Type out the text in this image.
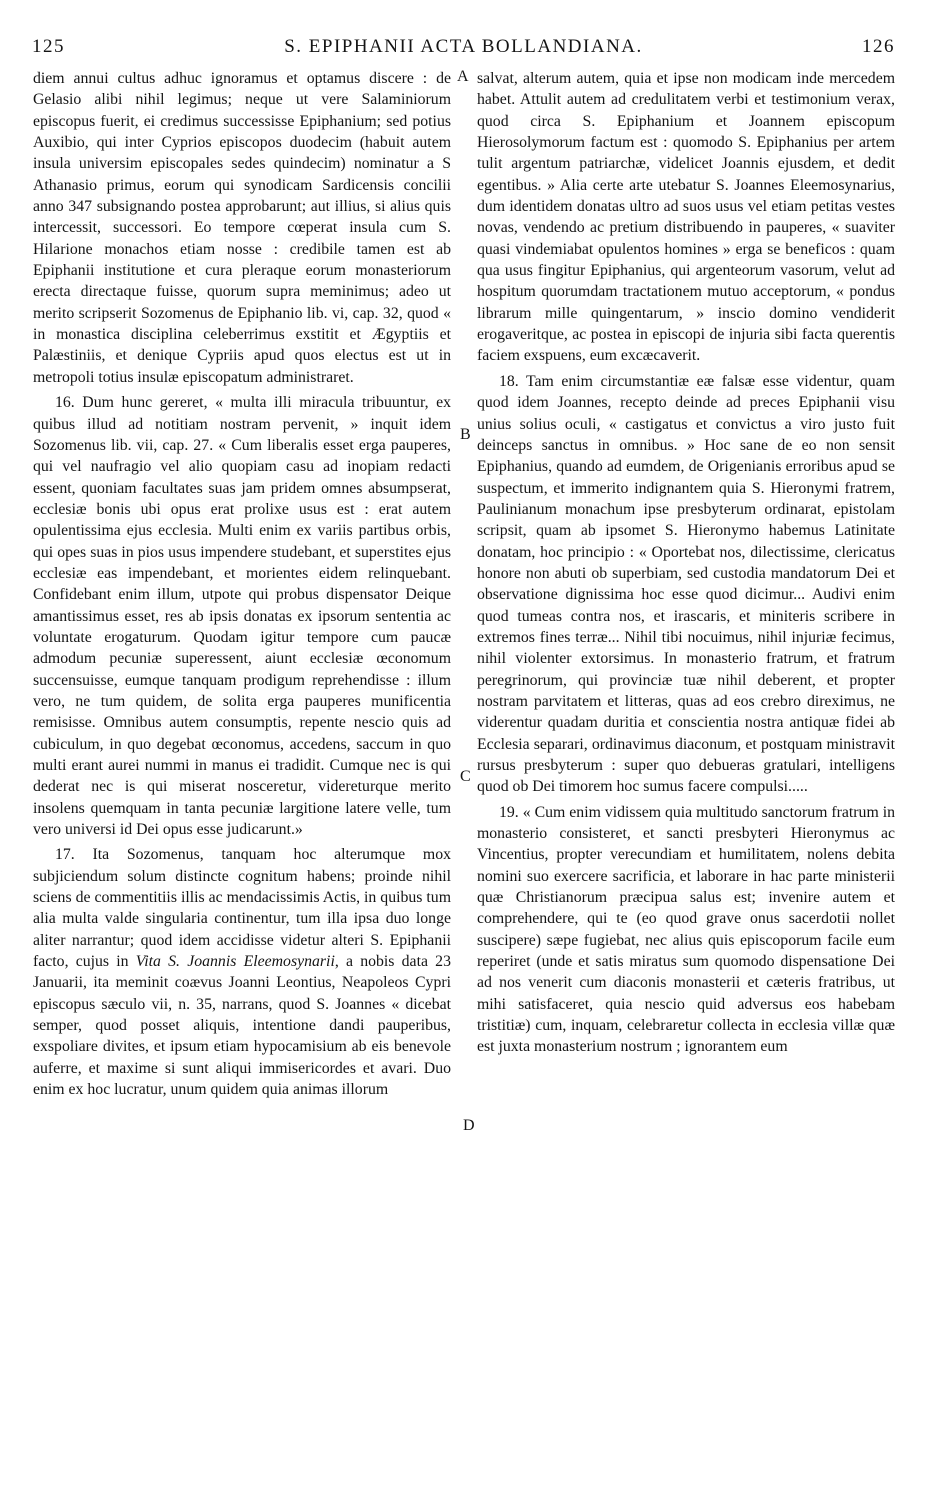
125	S. EPIPHANII ACTA BOLLANDIANA.	126

diem annui cultus adhuc ignoramus et optamus discere : de Gelasio alibi nihil legimus; neque ut vere Salaminiorum episcopus fuerit, ei credimus successisse Epiphanium; sed potius Auxibio, qui inter Cyprios episcopos duodecim (habuit autem insula universim episcopales sedes quindecim) nominatur a S Athanasio primus, eorum qui synodicam Sardicensis concilii anno 347 subsignando postea approbarunt; aut illius, si alius quis intercessit, successori. Eo tempore cœperat insula cum S. Hilarione monachos etiam nosse : credibile tamen est ab Epiphanii institutione et cura pleraque eorum monasteriorum erecta directaque fuisse, quorum supra meminimus; adeo ut merito scripserit Sozomenus de Epiphanio lib. vi, cap. 32, quod « in monastica disciplina celeberrimus exstitit et Ægyptiis et Palæstiniis, et denique Cypriis apud quos electus est ut in metropoli totius insulæ episcopatum administraret.

16. Dum hunc gereret, « multa illi miracula tribuuntur, ex quibus illud ad notitiam nostram pervenit, » inquit idem Sozomenus lib. vii, cap. 27. « Cum liberalis esset erga pauperes, qui vel naufragio vel alio quopiam casu ad inopiam redacti essent, quoniam facultates suas jam pridem omnes absumpserat, ecclesiæ bonis ubi opus erat prolixe usus est : erat autem opulentissima ejus ecclesia. Multi enim ex variis partibus orbis, qui opes suas in pios usus impendere studebant, et superstites ejus ecclesiæ eas impendebant, et morientes eidem relinquebant. Confidebant enim illum, utpote qui probus dispensator Deique amantissimus esset, res ab ipsis donatas ex ipsorum sententia ac voluntate erogaturum. Quodam igitur tempore cum paucæ admodum pecuniæ superessent, aiunt ecclesiæ œconomum succensuisse, eumque tanquam prodigum reprehendisse : illum vero, ne tum quidem, de solita erga pauperes munificentia remisisse. Omnibus autem consumptis, repente nescio quis ad cubiculum, in quo degebat œconomus, accedens, saccum in quo multi erant aurei nummi in manus ei tradidit. Cumque nec is qui dederat nec is qui miserat nosceretur, videreturque merito insolens quemquam in tanta pecuniæ largitione latere velle, tum vero universi id Dei opus esse judicarunt.»

17. Ita Sozomenus, tanquam hoc alterumque mox subjiciendum solum distincte cognitum habens; proinde nihil sciens de commentitiis illis ac mendacissimis Actis, in quibus tum alia multa valde singularia continentur, tum illa ipsa duo longe aliter narrantur; quod idem accidisse videtur alteri S. Epiphanii facto, cujus in Vita S. Joannis Eleemosynarii, a nobis data 23 Januarii, ita meminit coævus Joanni Leontius, Neapoleos Cypri episcopus sæculo vii, n. 35, narrans, quod S. Joannes « dicebat semper, quod posset aliquis, intentione dandi pauperibus, exspoliare divites, et ipsum etiam hypocamisium ab eis benevole auferre, et maxime si sunt aliqui immisericordes et avari. Duo enim ex hoc lucratur, unum quidem quia animas illorum

A
B
C
D

salvat, alterum autem, quia et ipse non modicam inde mercedem habet. Attulit autem ad credulitatem verbi et testimonium verax, quod circa S. Epiphanium et Joannem episcopum Hierosolymorum factum est : quomodo S. Epiphanius per artem tulit argentum patriarchæ, videlicet Joannis ejusdem, et dedit egentibus. » Alia certe arte utebatur S. Joannes Eleemosynarius, dum identidem donatas ultro ad suos usus vel etiam petitas vestes novas, vendendo ac pretium distribuendo in pauperes, « suaviter quasi vindemiabat opulentos homines » erga se beneficos : quam qua usus fingitur Epiphanius, qui argenteorum vasorum, velut ad hospitum quorumdam tractationem mutuo acceptorum, « pondus librarum mille quingentarum, » inscio domino vendiderit erogaveritque, ac postea in episcopi de injuria sibi facta querentis faciem exspuens, eum excæcaverit.

18. Tam enim circumstantiæ eæ falsæ esse videntur, quam quod idem Joannes, recepto deinde ad preces Epiphanii visu unius solius oculi, « castigatus et convictus a viro justo fuit deinceps sanctus in omnibus. » Hoc sane de eo non sensit Epiphanius, quando ad eumdem, de Origenianis erroribus apud se suspectum, et immerito indignantem quia S. Hieronymi fratrem, Paulinianum monachum ipse presbyterum ordinarat, epistolam scripsit, quam ab ipsomet S. Hieronymo habemus Latinitate donatam, hoc principio : « Oportebat nos, dilectissime, clericatus honore non abuti ob superbiam, sed custodia mandatorum Dei et observatione dignissima hoc esse quod dicimur... Audivi enim quod tumeas contra nos, et irascaris, et miniteris scribere in extremos fines terræ... Nihil tibi nocuimus, nihil injuriæ fecimus, nihil violenter extorsimus. In monasterio fratrum, et fratrum peregrinorum, qui provinciæ tuæ nihil deberent, et propter nostram parvitatem et litteras, quas ad eos crebro direximus, ne viderentur quadam duritia et conscientia nostra antiquæ fidei ab Ecclesia separari, ordinavimus diaconum, et postquam ministravit rursus presbyterum : super quo debueras gratulari, intelligens quod ob Dei timorem hoc sumus facere compulsi.....

19. « Cum enim vidissem quia multitudo sanctorum fratrum in monasterio consisteret, et sancti presbyteri Hieronymus ac Vincentius, propter verecundiam et humilitatem, nolens debita nomini suo exercere sacrificia, et laborare in hac parte ministerii quæ Christianorum præcipua salus est; invenire autem et comprehendere, qui te (eo quod grave onus sacerdotii nollet suscipere) sæpe fugiebat, nec alius quis episcoporum facile eum reperiret (unde et satis miratus sum quomodo dispensatione Dei ad nos venerit cum diaconis monasterii et cæteris fratribus, ut mihi satisfaceret, quia nescio quid adversus eos habebam tristitiæ) cum, inquam, celebraretur collecta in ecclesia villæ quæ est juxta monasterium nostrum ; ignorantem eum
